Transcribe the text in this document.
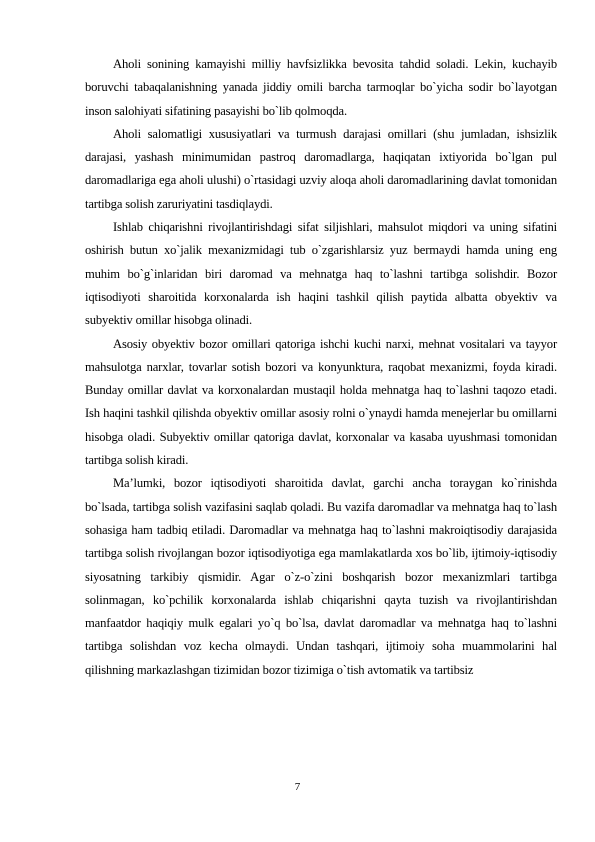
Aholi sonining kamayishi milliy havfsizlikka bevosita tahdid soladi. Lekin, kuchayib boruvchi tabaqalanishning yanada jiddiy omili barcha tarmoqlar bo`yicha sodir bo`layotgan inson salohiyati sifatining pasayishi bo`lib qolmoqda.

Aholi salomatligi xususiyatlari va turmush darajasi omillari (shu jumladan, ishsizlik darajasi, yashash minimumidan pastroq daromadlarga, haqiqatan ixtiyorida bo`lgan pul daromadlariga ega aholi ulushi) o`rtasidagi uzviy aloqa aholi daromadlarining davlat tomonidan tartibga solish zaruriyatini tasdiqlaydi.

Ishlab chiqarishni rivojlantirishdagi sifat siljishlari, mahsulot miqdori va uning sifatini oshirish butun xo`jalik mexanizmidagi tub o`zgarishlarsiz yuz bermaydi hamda uning eng muhim bo`g`inlaridan biri daromad va mehnatga haq to`lashni tartibga solishdir. Bozor iqtisodiyoti sharoitida korxonalarda ish haqini tashkil qilish paytida albatta obyektiv va subyektiv omillar hisobga olinadi.

Asosiy obyektiv bozor omillari qatoriga ishchi kuchi narxi, mehnat vositalari va tayyor mahsulotga narxlar, tovarlar sotish bozori va konyunktura, raqobat mexanizmi, foyda kiradi. Bunday omillar davlat va korxonalardan mustaqil holda mehnatga haq to`lashni taqozo etadi. Ish haqini tashkil qilishda obyektiv omillar asosiy rolni o`ynaydi hamda menejerlar bu omillarni hisobga oladi. Subyektiv omillar qatoriga davlat, korxonalar va kasaba uyushmasi tomonidan tartibga solish kiradi.

Ma’lumki, bozor iqtisodiyoti sharoitida davlat, garchi ancha toraygan ko`rinishda bo`lsada, tartibga solish vazifasini saqlab qoladi. Bu vazifa daromadlar va mehnatga haq to`lash sohasiga ham tadbiq etiladi. Daromadlar va mehnatga haq to`lashni makroiqtisodiy darajasida tartibga solish rivojlangan bozor iqtisodiyotiga ega mamlakatlarda xos bo`lib, ijtimoiy-iqtisodiy siyosatning tarkibiy qismidir. Agar o`z-o`zini boshqarish bozor mexanizmlari tartibga solinmagan, ko`pchilik korxonalarda ishlab chiqarishni qayta tuzish va rivojlantirishdan manfaatdor haqiqiy mulk egalari yo`q bo`lsa, davlat daromadlar va mehnatga haq to`lashni tartibga solishdan voz kecha olmaydi. Undan tashqari, ijtimoiy soha muammolarini hal qilishning markazlashgan tizimidan bozor tizimiga o`tish avtomatik va tartibsiz

7
